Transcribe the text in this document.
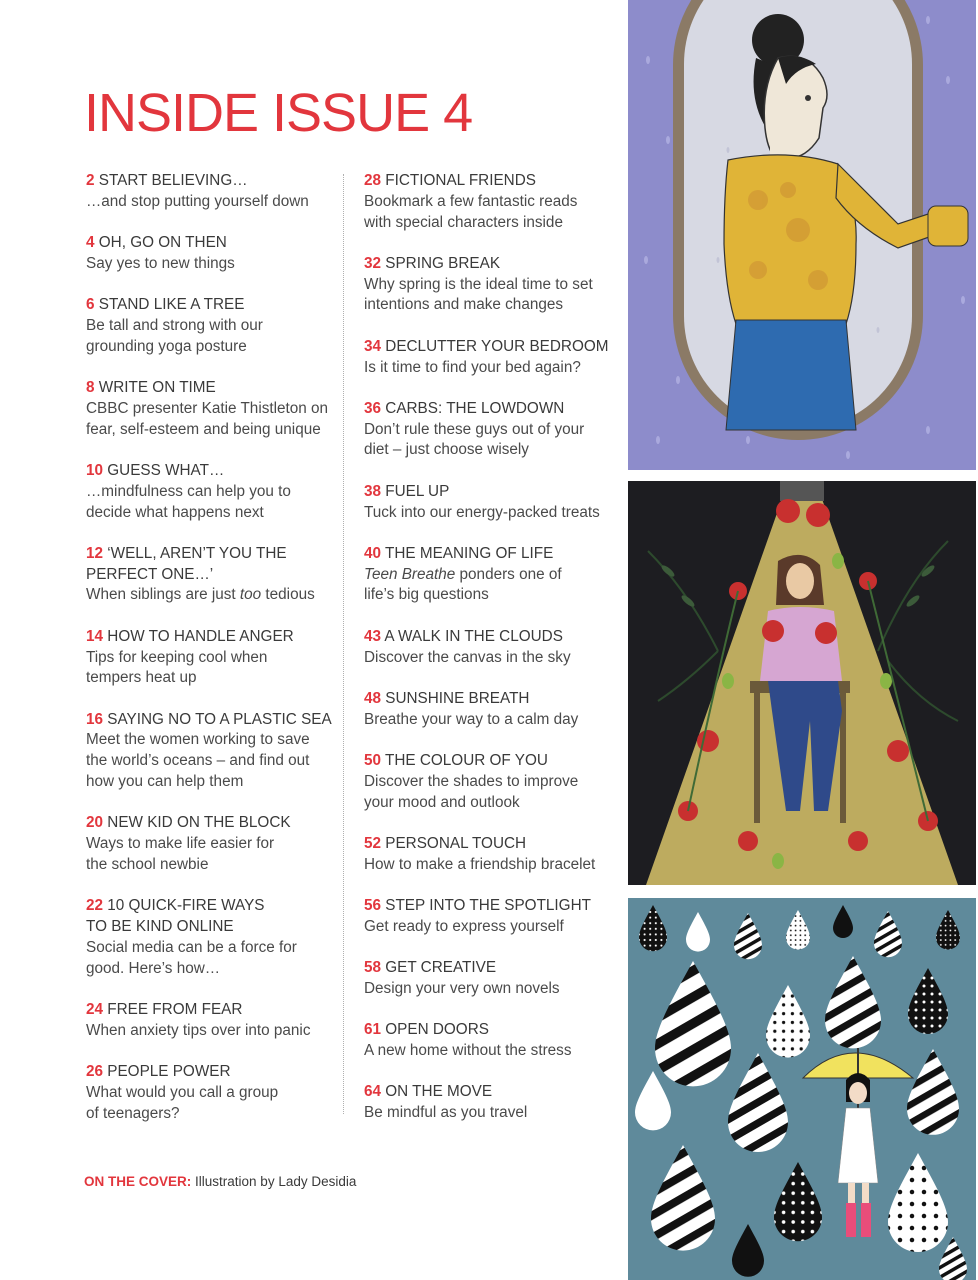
INSIDE ISSUE 4
2 START BELIEVING…
…and stop putting yourself down
4 OH, GO ON THEN
Say yes to new things
6 STAND LIKE A TREE
Be tall and strong with our
grounding yoga posture
8 WRITE ON TIME
CBBC presenter Katie Thistleton on
fear, self-esteem and being unique
10 GUESS WHAT…
…mindfulness can help you to
decide what happens next
12 ‘WELL, AREN’T YOU THE
PERFECT ONE…’
When siblings are just too tedious
14 HOW TO HANDLE ANGER
Tips for keeping cool when
tempers heat up
16 SAYING NO TO A PLASTIC SEA
Meet the women working to save
the world’s oceans – and find out
how you can help them
20 NEW KID ON THE BLOCK
Ways to make life easier for
the school newbie
22 10 QUICK-FIRE WAYS
TO BE KIND ONLINE
Social media can be a force for
good. Here’s how…
24 FREE FROM FEAR
When anxiety tips over into panic
26 PEOPLE POWER
What would you call a group
of teenagers?
28 FICTIONAL FRIENDS
Bookmark a few fantastic reads
with special characters inside
32 SPRING BREAK
Why spring is the ideal time to set
intentions and make changes
34 DECLUTTER YOUR BEDROOM
Is it time to find your bed again?
36 CARBS: THE LOWDOWN
Don’t rule these guys out of your
diet – just choose wisely
38 FUEL UP
Tuck into our energy-packed treats
40 THE MEANING OF LIFE
Teen Breathe ponders one of
life’s big questions
43 A WALK IN THE CLOUDS
Discover the canvas in the sky
48 SUNSHINE BREATH
Breathe your way to a calm day
50 THE COLOUR OF YOU
Discover the shades to improve
your mood and outlook
52 PERSONAL TOUCH
How to make a friendship bracelet
56 STEP INTO THE SPOTLIGHT
Get ready to express yourself
58 GET CREATIVE
Design your very own novels
61 OPEN DOORS
A new home without the stress
64 ON THE MOVE
Be mindful as you travel
ON THE COVER: Illustration by Lady Desidia
